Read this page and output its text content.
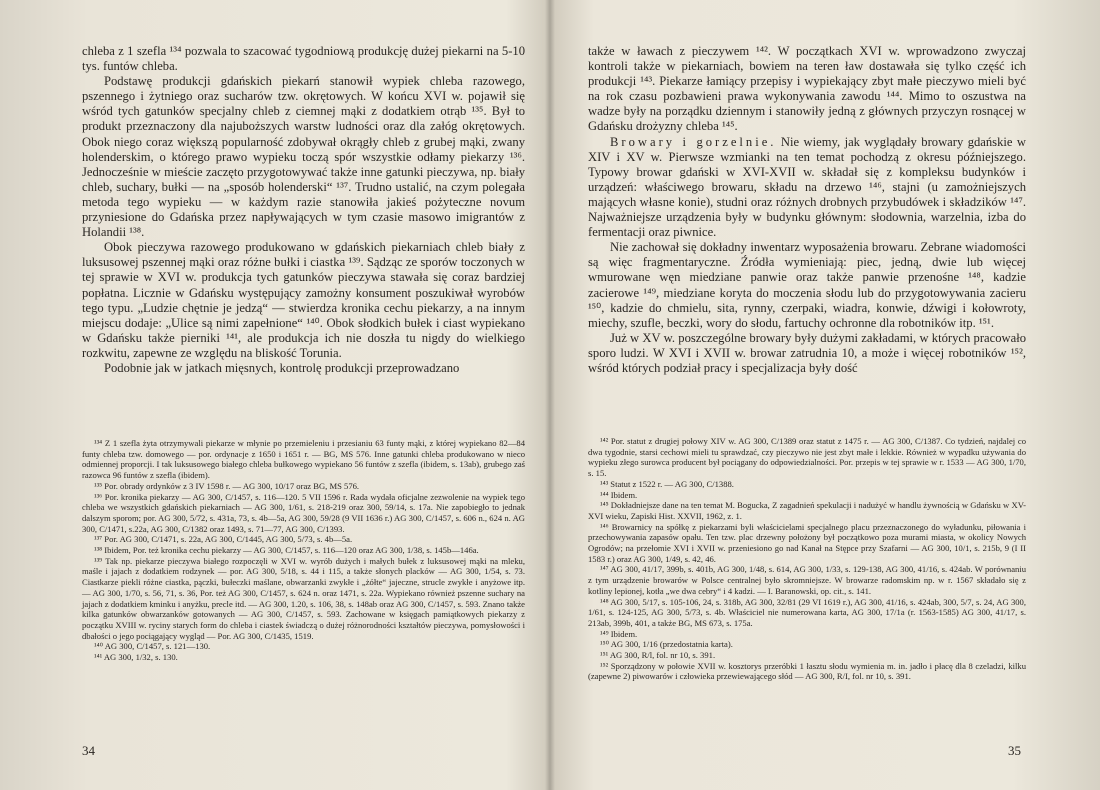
chleba z 1 szefla ¹³⁴ pozwala to szacować tygodniową produkcję dużej piekarni na 5-10 tys. funtów chleba.

Podstawę produkcji gdańskich piekarń stanowił wypiek chleba razowego, pszennego i żytniego oraz sucharów tzw. okrętowych. W końcu XVI w. pojawił się wśród tych gatunków specjalny chleb z ciemnej mąki z dodatkiem otrąb ¹³⁵. Był to produkt przeznaczony dla najuboższych warstw ludności oraz dla załóg okrętowych. Obok niego coraz większą popularność zdobywał okrągły chleb z grubej mąki, zwany holenderskim, o którego prawo wypieku toczą spór wszystkie odłamy piekarzy ¹³⁶. Jednocześnie w mieście zaczęto przygotowywać także inne gatunki pieczywa, np. biały chleb, suchary, bułki — na „sposób holenderski“ ¹³⁷. Trudno ustalić, na czym polegała metoda tego wypieku — w każdym razie stanowiła jakieś pożyteczne novum przyniesione do Gdańska przez napływających w tym czasie masowo imigrantów z Holandii ¹³⁸.

Obok pieczywa razowego produkowano w gdańskich piekarniach chleb biały z luksusowej pszennej mąki oraz różne bułki i ciastka ¹³⁹. Sądząc ze sporów toczonych w tej sprawie w XVI w. produkcja tych gatunków pieczywa stawała się coraz bardziej popłatna. Licznie w Gdańsku występujący zamożny konsument poszukiwał wyrobów tego typu. „Ludzie chętnie je jedzą“ — stwierdza kronika cechu piekarzy, a na innym miejscu dodaje: „Ulice są nimi zapełnione“ ¹⁴⁰. Obok słodkich bułek i ciast wypiekano w Gdańsku także pierniki ¹⁴¹, ale produkcja ich nie doszła tu nigdy do wielkiego rozkwitu, zapewne ze względu na bliskość Torunia.

Podobnie jak w jatkach mięsnych, kontrolę produkcji przeprowadzano

¹³⁴ Z 1 szefla żyta otrzymywali piekarze w młynie po przemieleniu i przesianiu 63 funty mąki, z której wypiekano 82—84 funty chleba tzw. domowego — por. ordynacje z 1650 i 1651 r. — BG, MS 576. Inne gatunki chleba produkowano w nieco odmiennej proporcji. I tak luksusowego białego chleba bułkowego wypiekano 56 funtów z szefla (ibidem, s. 13ab), grubego zaś razowca 96 funtów z szefla (ibidem).

¹³⁵ Por. obrady ordynków z 3 IV 1598 r. — AG 300, 10/17 oraz BG, MS 576.

¹³⁶ Por. kronika piekarzy — AG 300, C/1457, s. 116—120. 5 VII 1596 r. Rada wydała oficjalne zezwolenie na wypiek tego chleba we wszystkich gdańskich piekarniach — AG 300, 1/61, s. 218-219 oraz 300, 59/14, s. 17a. Nie zapobiegło to jednak dalszym sporom; por. AG 300, 5/72, s. 431a, 73, s. 4b—5a, AG 300, 59/28 (9 VII 1636 r.) AG 300, C/1457, s. 606 n., 624 n. AG 300, C/1471, s.22a, AG 300, C/1382 oraz 1493, s. 71—77, AG 300, C/1393.

¹³⁷ Por. AG 300, C/1471, s. 22a, AG 300, C/1445, AG 300, 5/73, s. 4b—5a.

¹³⁸ Ibidem, Por. też kronika cechu piekarzy — AG 300, C/1457, s. 116—120 oraz AG 300, 1/38, s. 145b—146a.

¹³⁹ Tak np. piekarze pieczywa białego rozpoczęli w XVI w. wyrób dużych i małych bułek z luksusowej mąki na mleku, maśle i jajach z dodatkiem rodzynek — por. AG 300, 5/18, s. 44 i 115, a także słonych placków — AG 300, 1/54, s. 73. Ciastkarze piekli różne ciastka, pączki, bułeczki maślane, obwarzanki zwykłe i „żółte“ jajeczne, strucle zwykłe i anyżowe itp. — AG 300, 1/70, s. 56, 71, s. 36, Por. też AG 300, C/1457, s. 624 n. oraz 1471, s. 22a. Wypiekano również pszenne suchary na jajach z dodatkiem kminku i anyżku, precle itd. — AG 300, 1.20, s. 106, 38, s. 148ab oraz AG 300, C/1457, s. 593. Znano także kilka gatunków obwarzanków gotowanych — AG 300, C/1457, s. 593. Zachowane w księgach pamiątkowych piekarzy z początku XVIII w. ryciny starych form do chleba i ciastek świadczą o dużej różnorodności kształtów pieczywa, pomysłowości i dbałości o jego pociągający wygląd — Por. AG 300, C/1435, 1519.

¹⁴⁰ AG 300, C/1457, s. 121—130.

¹⁴¹ AG 300, 1/32, s. 130.

34

także w ławach z pieczywem ¹⁴². W początkach XVI w. wprowadzono zwyczaj kontroli także w piekarniach, bowiem na teren ław dostawała się tylko część ich produkcji ¹⁴³. Piekarze łamiący przepisy i wypiekający zbyt małe pieczywo mieli być na rok czasu pozbawieni prawa wykonywania zawodu ¹⁴⁴. Mimo to oszustwa na wadze były na porządku dziennym i stanowiły jedną z głównych przyczyn rosnącej w Gdańsku drożyzny chleba ¹⁴⁵.

Browary i gorzelnie. Nie wiemy, jak wyglądały browary gdańskie w XIV i XV w. Pierwsze wzmianki na ten temat pochodzą z okresu późniejszego. Typowy browar gdański w XVI-XVII w. składał się z kompleksu budynków i urządzeń: właściwego browaru, składu na drzewo ¹⁴⁶, stajni (u zamożniejszych mających własne konie), studni oraz różnych drobnych przybudówek i składzików ¹⁴⁷. Najważniejsze urządzenia były w budynku głównym: słodownia, warzelnia, izba do fermentacji oraz piwnice.

Nie zachował się dokładny inwentarz wyposażenia browaru. Zebrane wiadomości są więc fragmentaryczne. Źródła wymieniają: piec, jedną, dwie lub więcej wmurowane węn miedziane panwie oraz także panwie przenośne ¹⁴⁸, kadzie zacierowe ¹⁴⁹, miedziane koryta do moczenia słodu lub do przygotowywania zacieru ¹⁵⁰, kadzie do chmielu, sita, rynny, czerpaki, wiadra, konwie, dźwigi i kołowroty, miechy, szufle, beczki, wory do słodu, fartuchy ochronne dla robotników itp. ¹⁵¹.

Już w XV w. poszczególne browary były dużymi zakładami, w których pracowało sporo ludzi. W XVI i XVII w. browar zatrudnia 10, a może i więcej robotników ¹⁵², wśród których podział pracy i specjalizacja były dość

¹⁴² Por. statut z drugiej połowy XIV w. AG 300, C/1389 oraz statut z 1475 r. — AG 300, C/1387. Co tydzień, najdalej co dwa tygodnie, starsi cechowi mieli tu sprawdzać, czy pieczywo nie jest zbyt małe i lekkie. Również w wypadku używania do wypieku złego surowca producent był pociągany do odpowiedzialności. Por. przepis w tej sprawie w r. 1533 — AG 300, 1/70, s. 15.

¹⁴³ Statut z 1522 r. — AG 300, C/1388.

¹⁴⁴ Ibidem.

¹⁴⁵ Dokładniejsze dane na ten temat M. Bogucka, Z zagadnień spekulacji i nadużyć w handlu żywnością w Gdańsku w XV-XVI wieku, Zapiski Hist. XXVII, 1962, z. 1.

¹⁴⁶ Browarnicy na spółkę z piekarzami byli właścicielami specjalnego placu przeznaczonego do wyładunku, piłowania i przechowywania zapasów opału. Ten tzw. plac drzewny położony był początkowo poza murami miasta, w okolicy Nowych Ogrodów; na przełomie XVI i XVII w. przeniesiono go nad Kanał na Stępce przy Szafarni — AG 300, 10/1, s. 215b, 9 (I II 1583 r.) oraz AG 300, 1/49, s. 42, 46.

¹⁴⁷ AG 300, 41/17, 399b, s. 401b, AG 300, 1/48, s. 614, AG 300, 1/33, s. 129-138, AG 300, 41/16, s. 424ab. W porównaniu z tym urządzenie browarów w Polsce centralnej było skromniejsze. W browarze radomskim np. w r. 1567 składało się z kotliny lepionej, kotła „we dwa cebry“ i 4 kadzi. — I. Baranowski, op. cit., s. 141.

¹⁴⁸ AG 300, 5/17, s. 105-106, 24, s. 318b, AG 300, 32/81 (29 VI 1619 r.), AG 300, 41/16, s. 424ab, 300, 5/7, s. 24, AG 300, 1/61, s. 124-125, AG 300, 5/73, s. 4b. Właściciel nie numerowana karta, AG 300, 17/1a (r. 1563-1585) AG 300, 41/17, s. 213ab, 399b, 401, a także BG, MS 673, s. 175a.

¹⁴⁹ Ibidem.

¹⁵⁰ AG 300, 1/16 (przedostatnia karta).

¹⁵¹ AG 300, R/l, fol. nr 10, s. 391.

¹⁵² Sporządzony w połowie XVII w. kosztorys przeróbki 1 łasztu słodu wymienia m. in. jadło i płacę dla 8 czeladzi, kilku (zapewne 2) piwowarów i człowieka przewiewającego słód — AG 300, R/I, fol. nr 10, s. 391.

35
